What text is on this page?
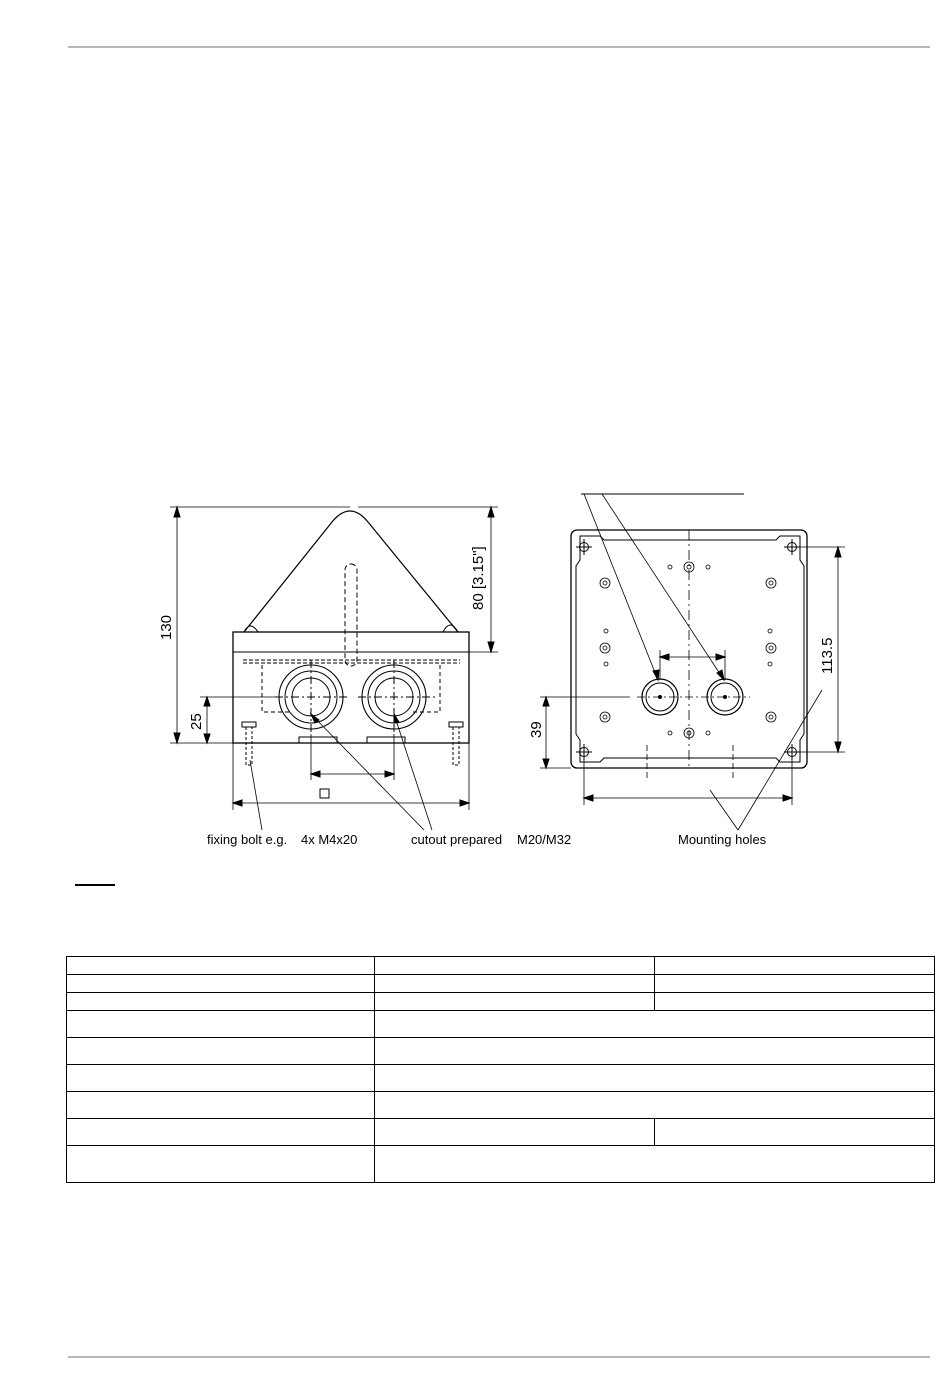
130
80 [3.15"]
25
113.5
39
fixing bolt e.g. 4x M4x20	cutout prepared M20/M32	Mounting holes
